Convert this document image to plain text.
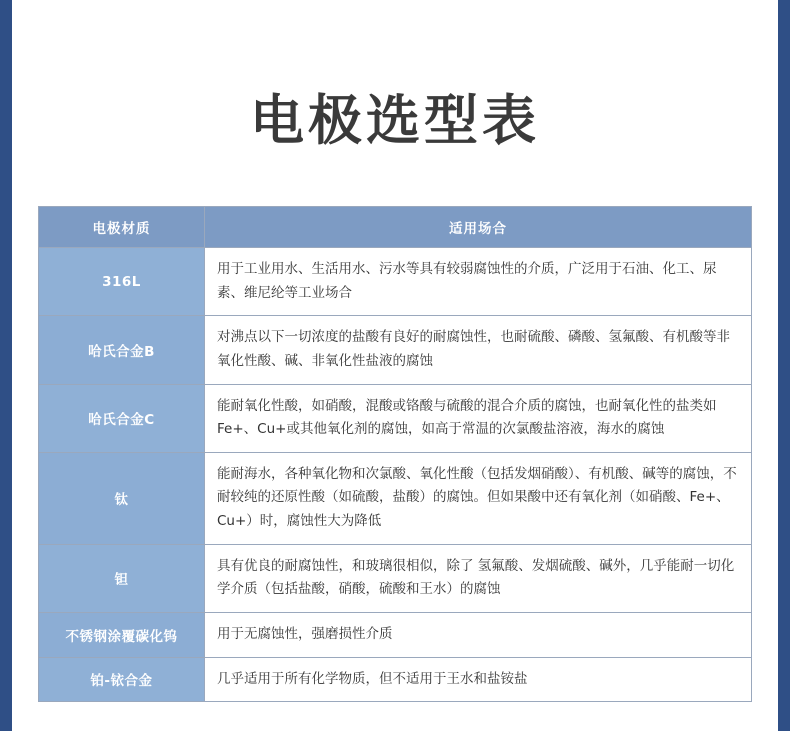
电极选型表
电极材质	适用场合
316L	用于工业用水、生活用水、污水等具有较弱腐蚀性的介质，广泛用于石油、化工、尿素、维尼纶等工业场合
哈氏合金B	对沸点以下一切浓度的盐酸有良好的耐腐蚀性，也耐硫酸、磷酸、氢氟酸、有机酸等非氧化性酸、碱、非氧化性盐液的腐蚀
哈氏合金C	能耐氧化性酸，如硝酸，混酸或铬酸与硫酸的混合介质的腐蚀，也耐氧化性的盐类如Fe+、Cu+或其他氧化剂的腐蚀，如高于常温的次氯酸盐溶液，海水的腐蚀
钛	能耐海水，各种氧化物和次氯酸、氧化性酸（包括发烟硝酸）、有机酸、碱等的腐蚀，不耐较纯的还原性酸（如硫酸，盐酸）的腐蚀。但如果酸中还有氧化剂（如硝酸、Fe+、Cu+）时，腐蚀性大为降低
钽	具有优良的耐腐蚀性，和玻璃很相似，除了 氢氟酸、发烟硫酸、碱外，几乎能耐一切化学介质（包括盐酸，硝酸，硫酸和王水）的腐蚀
不锈钢涂覆碳化钨	用于无腐蚀性，强磨损性介质
铂-铱合金	几乎适用于所有化学物质，但不适用于王水和盐铵盐
